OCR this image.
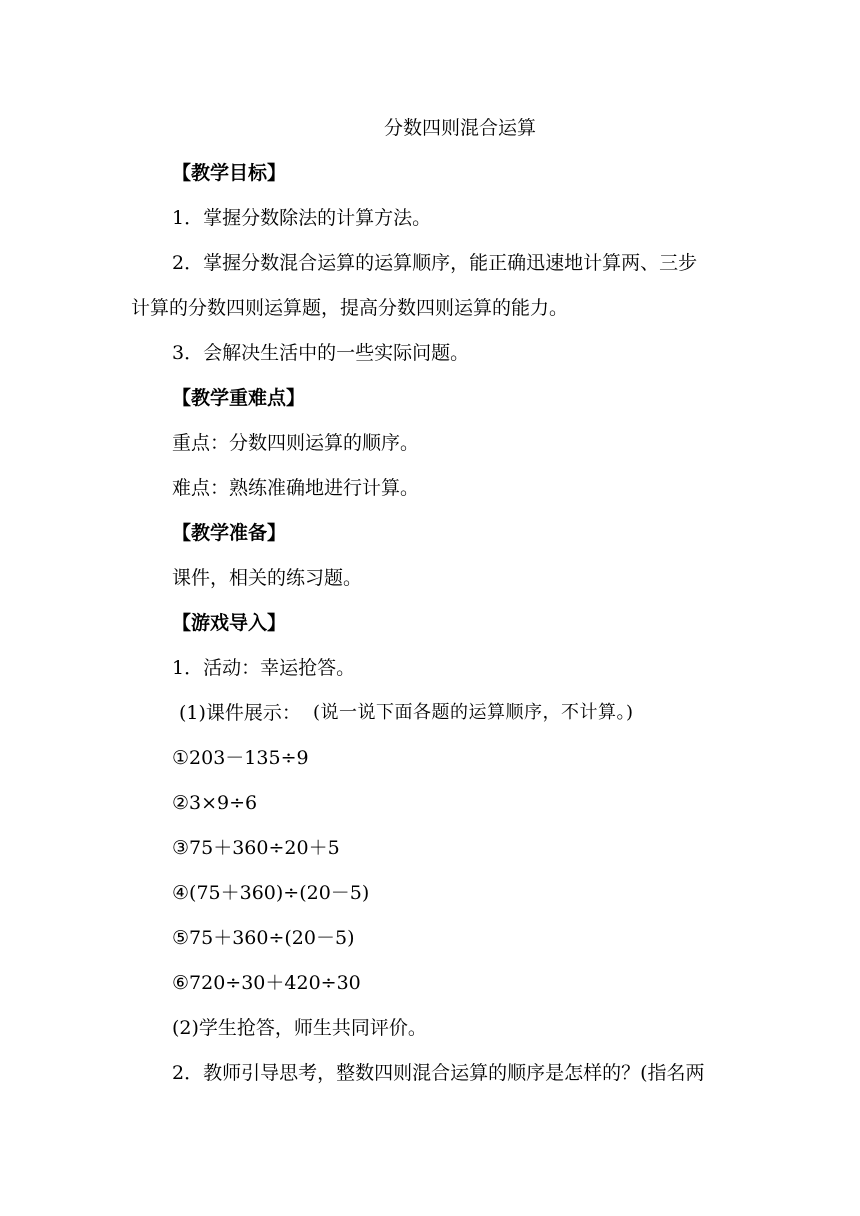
分数四则混合运算
【教学目标】
1．掌握分数除法的计算方法。
2．掌握分数混合运算的运算顺序，能正确迅速地计算两、三步
计算的分数四则运算题，提高分数四则运算的能力。
3．会解决生活中的一些实际问题。
【教学重难点】
重点：分数四则运算的顺序。
难点：熟练准确地进行计算。
【教学准备】
课件，相关的练习题。
【游戏导入】
1．活动：幸运抢答。
(1)课件展示： (说一说下面各题的运算顺序，不计算。)
①203－135÷9
②3×9÷6
③75＋360÷20＋5
④(75＋360)÷(20－5)
⑤75＋360÷(20－5)
⑥720÷30＋420÷30
(2)学生抢答，师生共同评价。
2．教师引导思考，整数四则混合运算的顺序是怎样的？(指名两
